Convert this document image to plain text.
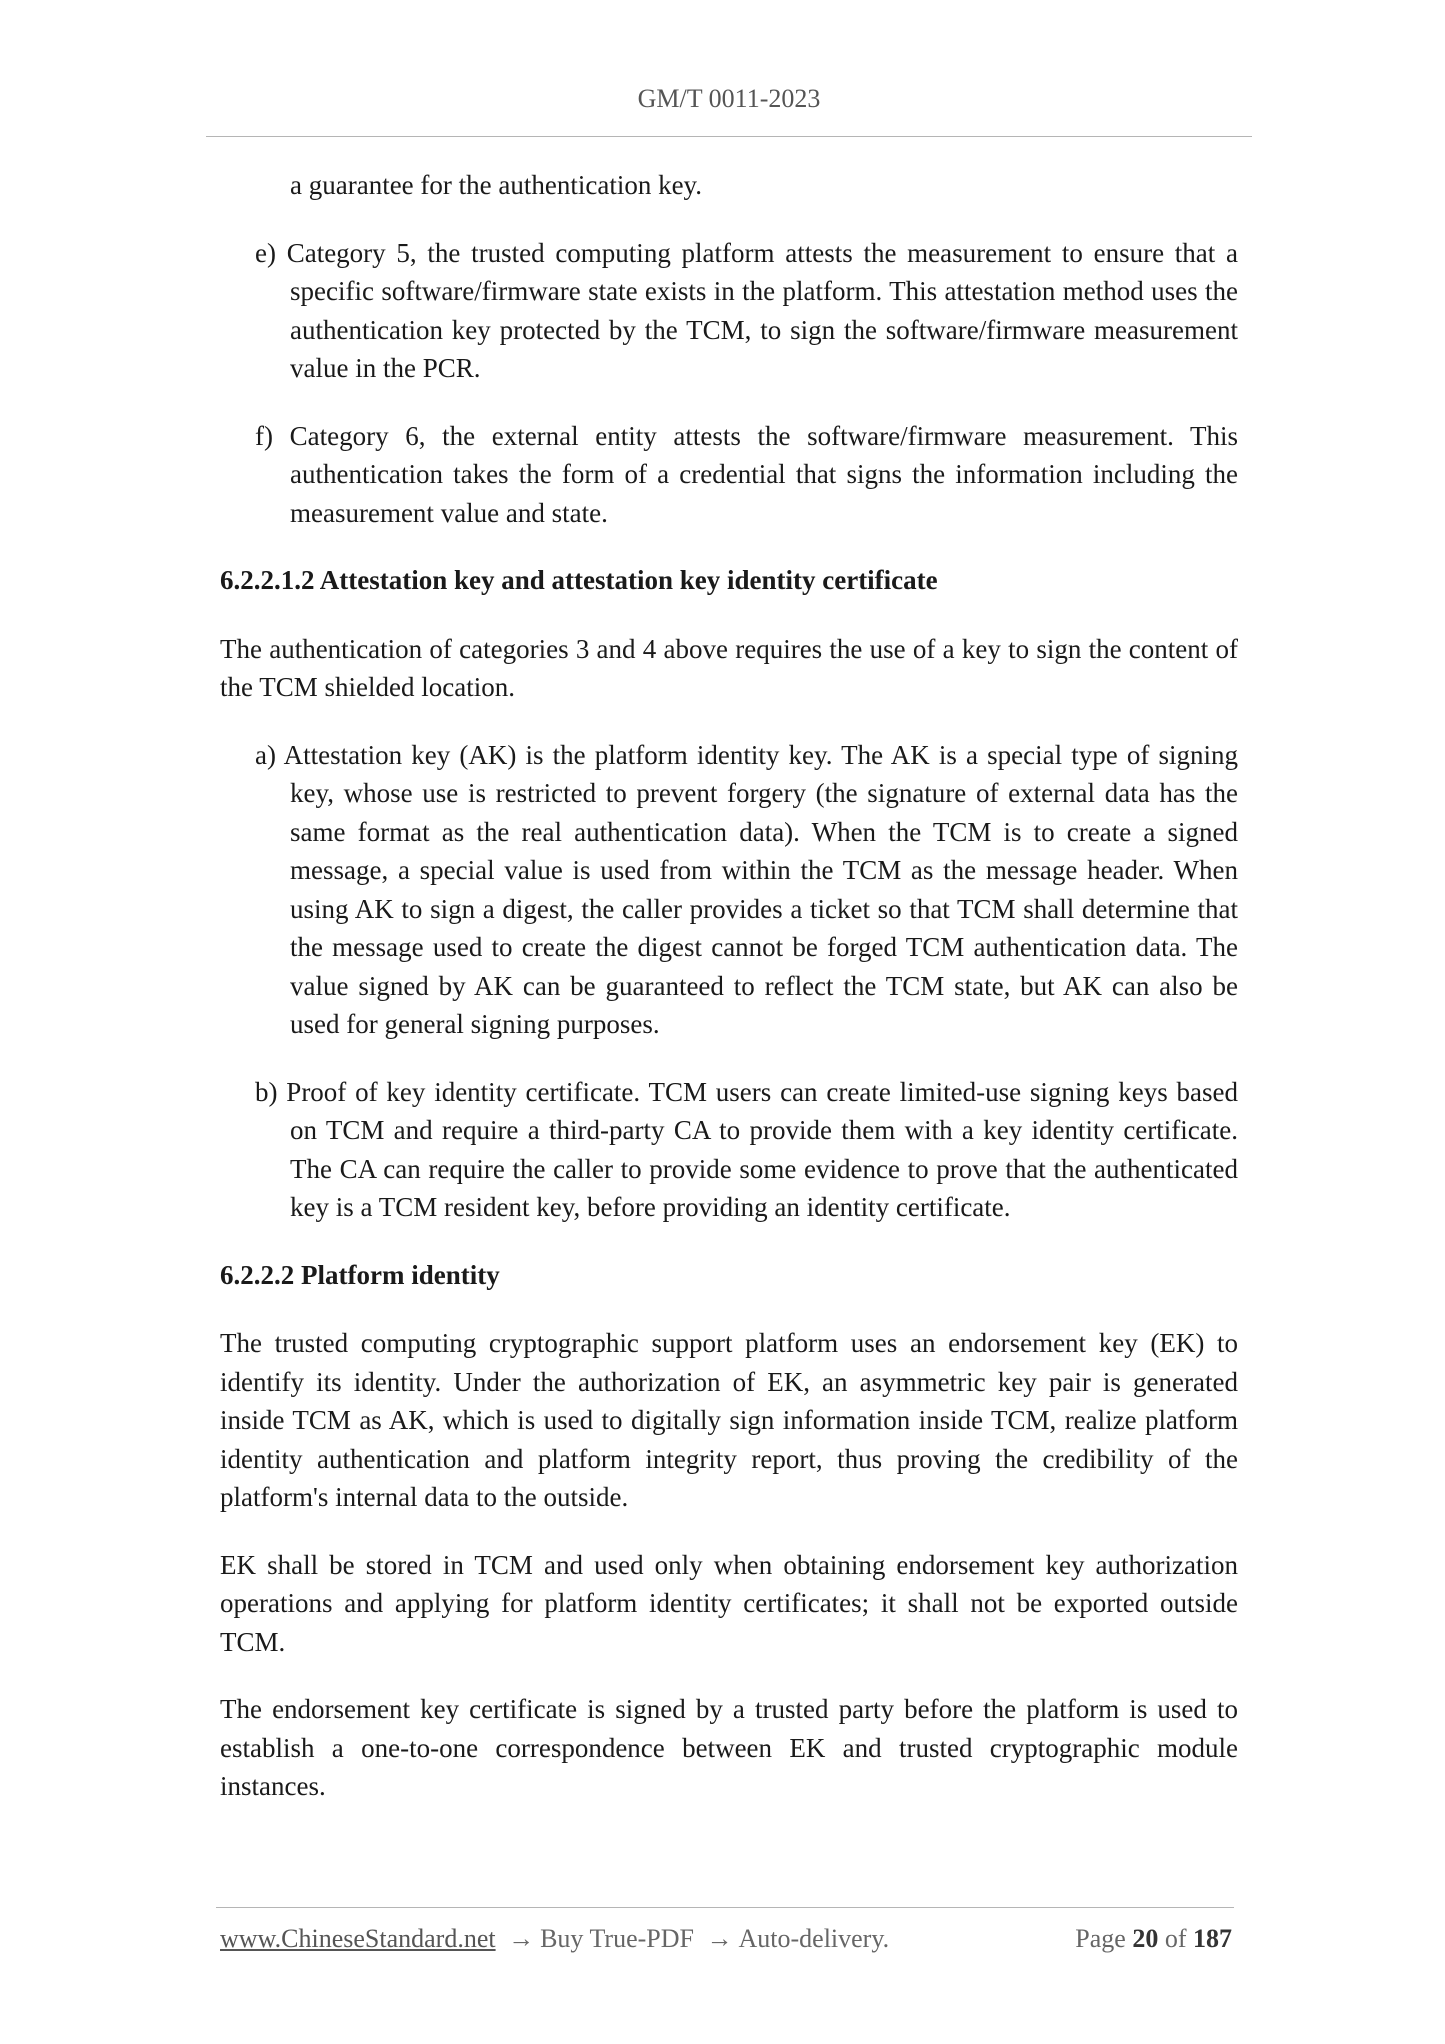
GM/T 0011-2023

a guarantee for the authentication key.

e) Category 5, the trusted computing platform attests the measurement to ensure that a specific software/firmware state exists in the platform. This attestation method uses the authentication key protected by the TCM, to sign the software/firmware measurement value in the PCR.

f) Category 6, the external entity attests the software/firmware measurement. This authentication takes the form of a credential that signs the information including the measurement value and state.

6.2.2.1.2 Attestation key and attestation key identity certificate

The authentication of categories 3 and 4 above requires the use of a key to sign the content of the TCM shielded location.

a) Attestation key (AK) is the platform identity key. The AK is a special type of signing key, whose use is restricted to prevent forgery (the signature of external data has the same format as the real authentication data). When the TCM is to create a signed message, a special value is used from within the TCM as the message header. When using AK to sign a digest, the caller provides a ticket so that TCM shall determine that the message used to create the digest cannot be forged TCM authentication data. The value signed by AK can be guaranteed to reflect the TCM state, but AK can also be used for general signing purposes.

b) Proof of key identity certificate. TCM users can create limited-use signing keys based on TCM and require a third-party CA to provide them with a key identity certificate. The CA can require the caller to provide some evidence to prove that the authenticated key is a TCM resident key, before providing an identity certificate.

6.2.2.2 Platform identity

The trusted computing cryptographic support platform uses an endorsement key (EK) to identify its identity. Under the authorization of EK, an asymmetric key pair is generated inside TCM as AK, which is used to digitally sign information inside TCM, realize platform identity authentication and platform integrity report, thus proving the credibility of the platform's internal data to the outside.

EK shall be stored in TCM and used only when obtaining endorsement key authorization operations and applying for platform identity certificates; it shall not be exported outside TCM.

The endorsement key certificate is signed by a trusted party before the platform is used to establish a one-to-one correspondence between EK and trusted cryptographic module instances.

www.ChineseStandard.net → Buy True-PDF → Auto-delivery.	Page 20 of 187
